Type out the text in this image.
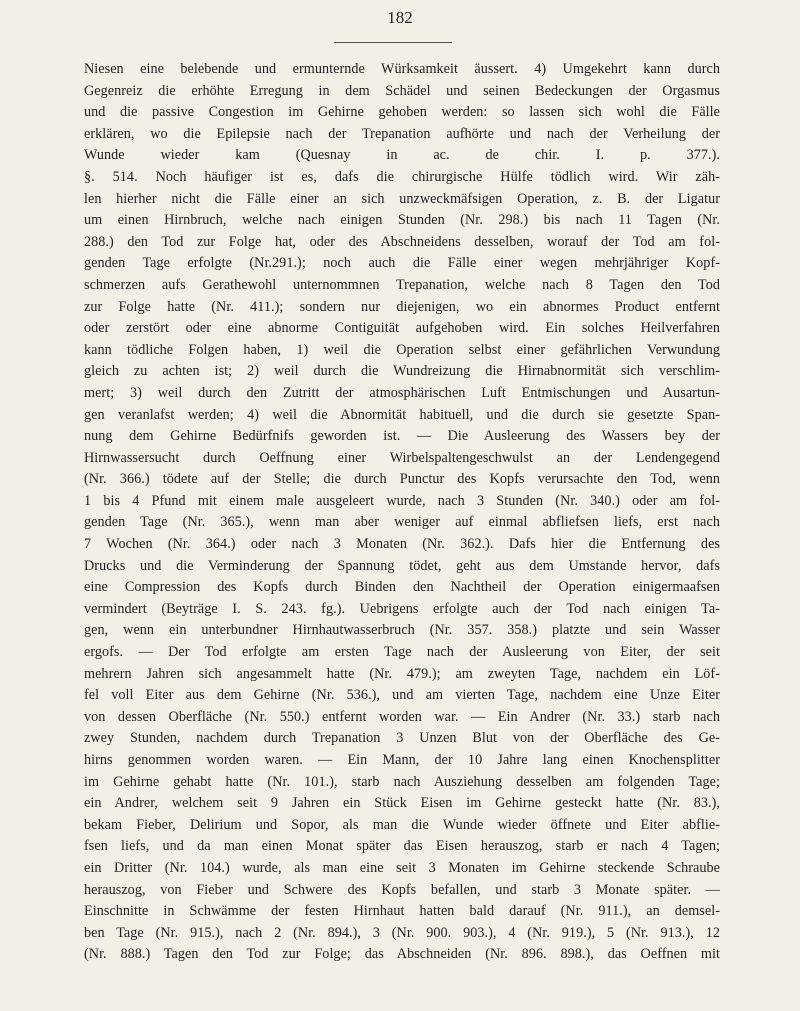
182
Niesen eine belebende und ermunternde Würksamkeit äussert. 4) Umgekehrt kann durch
Gegenreiz die erhöhte Erregung in dem Schädel und seinen Bedeckungen der Orgasmus
und die passive Congestion im Gehirne gehoben werden: so lassen sich wohl die Fälle
erklären, wo die Epilepsie nach der Trepanation aufhörte und nach der Verheilung der
Wunde wieder kam (Quesnay in ac. de chir. I. p. 377.).
§. 514. Noch häufiger ist es, dafs die chirurgische Hülfe tödlich wird. Wir zäh-
len hierher nicht die Fälle einer an sich unzweckmäfsigen Operation, z. B. der Ligatur
um einen Hirnbruch, welche nach einigen Stunden (Nr. 298.) bis nach 11 Tagen (Nr.
288.) den Tod zur Folge hat, oder des Abschneidens desselben, worauf der Tod am fol-
genden Tage erfolgte (Nr.291.); noch auch die Fälle einer wegen mehrjähriger Kopf-
schmerzen aufs Gerathewohl unternommnen Trepanation, welche nach 8 Tagen den Tod
zur Folge hatte (Nr. 411.); sondern nur diejenigen, wo ein abnormes Product entfernt
oder zerstört oder eine abnorme Contiguität aufgehoben wird. Ein solches Heilverfahren
kann tödliche Folgen haben, 1) weil die Operation selbst einer gefährlichen Verwundung
gleich zu achten ist; 2) weil durch die Wundreizung die Hirnabnormität sich verschlim-
mert; 3) weil durch den Zutritt der atmosphärischen Luft Entmischungen und Ausartun-
gen veranlafst werden; 4) weil die Abnormität habituell, und die durch sie gesetzte Span-
nung dem Gehirne Bedürfnifs geworden ist. — Die Ausleerung des Wassers bey der
Hirnwassersucht durch Oeffnung einer Wirbelspaltengeschwulst an der Lendengegend
(Nr. 366.) tödete auf der Stelle; die durch Punctur des Kopfs verursachte den Tod, wenn
1 bis 4 Pfund mit einem male ausgeleert wurde, nach 3 Stunden (Nr. 340.) oder am fol-
genden Tage (Nr. 365.), wenn man aber weniger auf einmal abfliefsen liefs, erst nach
7 Wochen (Nr. 364.) oder nach 3 Monaten (Nr. 362.). Dafs hier die Entfernung des
Drucks und die Verminderung der Spannung tödet, geht aus dem Umstande hervor, dafs
eine Compression des Kopfs durch Binden den Nachtheil der Operation einigermaafsen
vermindert (Beyträge I. S. 243. fg.). Uebrigens erfolgte auch der Tod nach einigen Ta-
gen, wenn ein unterbundner Hirnhautwasserbruch (Nr. 357. 358.) platzte und sein Wasser
ergofs. — Der Tod erfolgte am ersten Tage nach der Ausleerung von Eiter, der seit
mehrern Jahren sich angesammelt hatte (Nr. 479.); am zweyten Tage, nachdem ein Löf-
fel voll Eiter aus dem Gehirne (Nr. 536.), und am vierten Tage, nachdem eine Unze Eiter
von dessen Oberfläche (Nr. 550.) entfernt worden war. — Ein Andrer (Nr. 33.) starb nach
zwey Stunden, nachdem durch Trepanation 3 Unzen Blut von der Oberfläche des Ge-
hirns genommen worden waren. — Ein Mann, der 10 Jahre lang einen Knochensplitter
im Gehirne gehabt hatte (Nr. 101.), starb nach Ausziehung desselben am folgenden Tage;
ein Andrer, welchem seit 9 Jahren ein Stück Eisen im Gehirne gesteckt hatte (Nr. 83.),
bekam Fieber, Delirium und Sopor, als man die Wunde wieder öffnete und Eiter abflie-
fsen liefs, und da man einen Monat später das Eisen herauszog, starb er nach 4 Tagen;
ein Dritter (Nr. 104.) wurde, als man eine seit 3 Monaten im Gehirne steckende Schraube
herauszog, von Fieber und Schwere des Kopfs befallen, und starb 3 Monate später. —
Einschnitte in Schwämme der festen Hirnhaut hatten bald darauf (Nr. 911.), an demsel-
ben Tage (Nr. 915.), nach 2 (Nr. 894.), 3 (Nr. 900. 903.), 4 (Nr. 919.), 5 (Nr. 913.), 12
(Nr. 888.) Tagen den Tod zur Folge; das Abschneiden (Nr. 896. 898.), das Oeffnen mit
